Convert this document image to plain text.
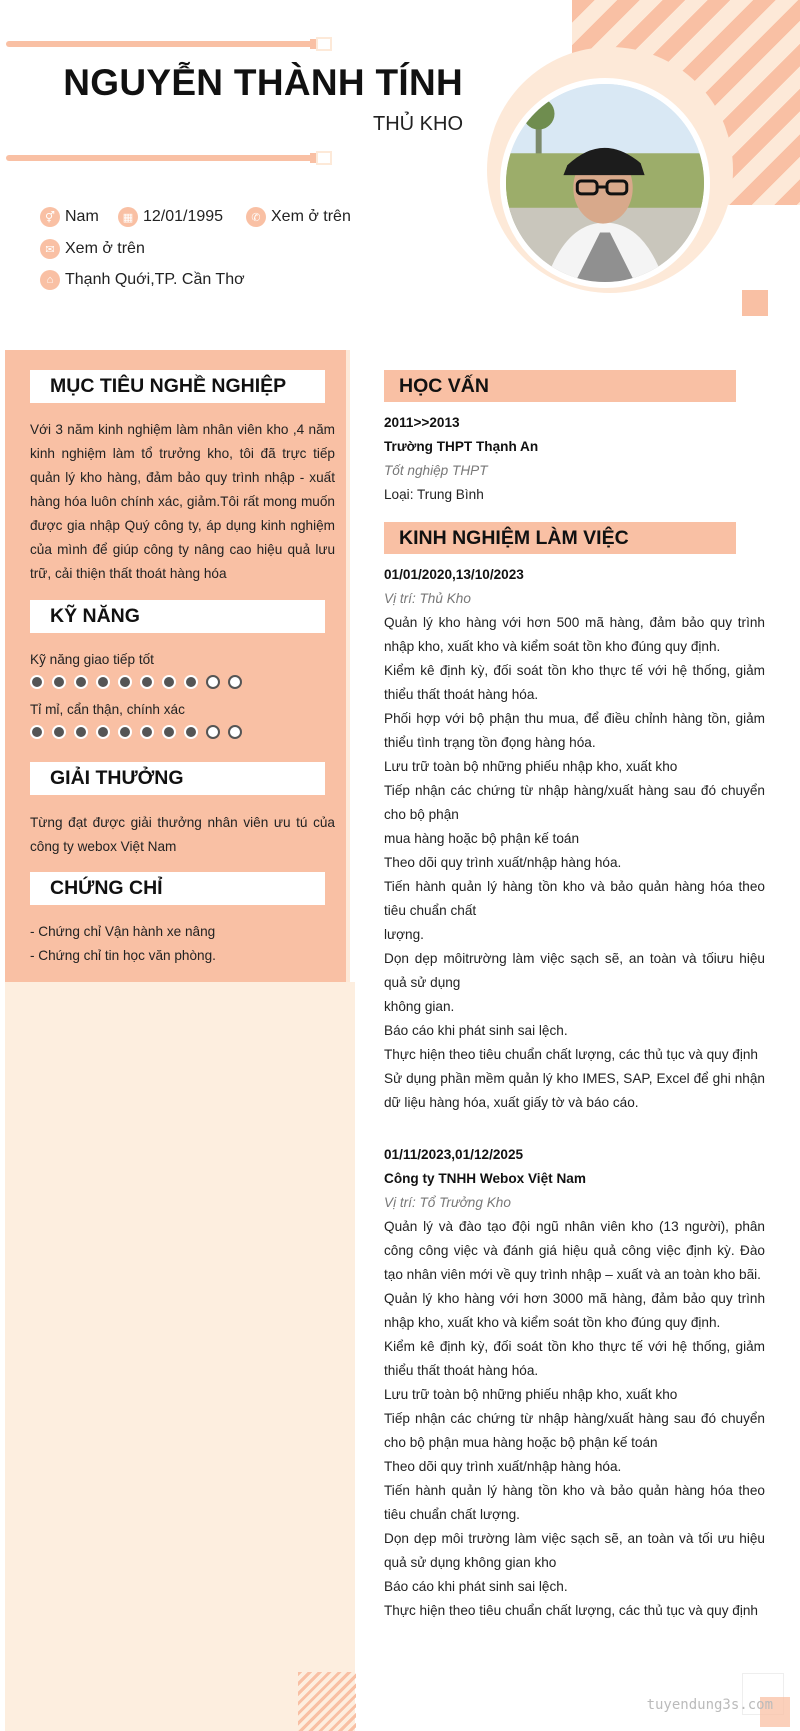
NGUYỄN THÀNH TÍNH
THỦ KHO
⚥ Nam	▦ 12/01/1995	✆ Xem ở trên
✉ Xem ở trên
⌂ Thạnh Quới,TP. Cần Thơ
MỤC TIÊU NGHỀ NGHIỆP
Với 3 năm kinh nghiệm làm nhân viên kho ,4 năm kinh nghiệm làm tổ trưởng kho, tôi đã trực tiếp quản lý kho hàng, đảm bảo quy trình nhập - xuất hàng hóa luôn chính xác, giảm.Tôi rất mong muốn được gia nhập Quý công ty, áp dụng kinh nghiệm của mình để giúp công ty nâng cao hiệu quả lưu trữ, cải thiện thất thoát hàng hóa
KỸ NĂNG
Kỹ năng giao tiếp tốt
Tỉ mỉ, cẩn thận, chính xác
GIẢI THƯỞNG
Từng đạt được giải thưởng nhân viên ưu tú của công ty webox Việt Nam
CHỨNG CHỈ
- Chứng chỉ Vận hành xe nâng
- Chứng chỉ tin học văn phòng.
HỌC VẤN
2011>>2013
Trường THPT Thạnh An
Tốt nghiệp THPT
Loại: Trung Bình
KINH NGHIỆM LÀM VIỆC
01/01/2020,13/10/2023
Vị trí: Thủ Kho
Quản lý kho hàng với hơn 500 mã hàng, đảm bảo quy trình nhập kho, xuất kho và kiểm soát tồn kho đúng quy định.
Kiểm kê định kỳ, đối soát tồn kho thực tế với hệ thống, giảm thiểu thất thoát hàng hóa.
Phối hợp với bộ phận thu mua, để điều chỉnh hàng tồn, giảm thiểu tình trạng tồn đọng hàng hóa.
Lưu trữ toàn bộ những phiếu nhập kho, xuất kho
Tiếp nhận các chứng từ nhập hàng/xuất hàng sau đó chuyển cho bộ phận
mua hàng hoặc bộ phận kế toán
Theo dõi quy trình xuất/nhập hàng hóa.
Tiến hành quản lý hàng tồn kho và bảo quản hàng hóa theo tiêu chuẩn chất
lượng.
Dọn dẹp môitrường làm việc sạch sẽ, an toàn và tốiưu hiệu quả sử dụng
không gian.
Báo cáo khi phát sinh sai lệch.
Thực hiện theo tiêu chuẩn chất lượng, các thủ tục và quy định
Sử dụng phần mềm quản lý kho IMES, SAP, Excel để ghi nhận dữ liệu hàng hóa, xuất giấy tờ và báo cáo.
01/11/2023,01/12/2025
Công ty TNHH Webox Việt Nam
Vị trí: Tổ Trưởng Kho
Quản lý và đào tạo đội ngũ nhân viên kho (13 người), phân công công việc và đánh giá hiệu quả công việc định kỳ. Đào tạo nhân viên mới về quy trình nhập – xuất và an toàn kho bãi.
Quản lý kho hàng với hơn 3000 mã hàng, đảm bảo quy trình nhập kho, xuất kho và kiểm soát tồn kho đúng quy định.
Kiểm kê định kỳ, đối soát tồn kho thực tế với hệ thống, giảm thiểu thất thoát hàng hóa.
Lưu trữ toàn bộ những phiếu nhập kho, xuất kho
Tiếp nhận các chứng từ nhập hàng/xuất hàng sau đó chuyển cho bộ phận mua hàng hoặc bộ phận kế toán
Theo dõi quy trình xuất/nhập hàng hóa.
Tiến hành quản lý hàng tồn kho và bảo quản hàng hóa theo tiêu chuẩn chất lượng.
Dọn dẹp môi trường làm việc sạch sẽ, an toàn và tối ưu hiệu quả sử dụng không gian kho
Báo cáo khi phát sinh sai lệch.
Thực hiện theo tiêu chuẩn chất lượng, các thủ tục và quy định
tuyendung3s.com
